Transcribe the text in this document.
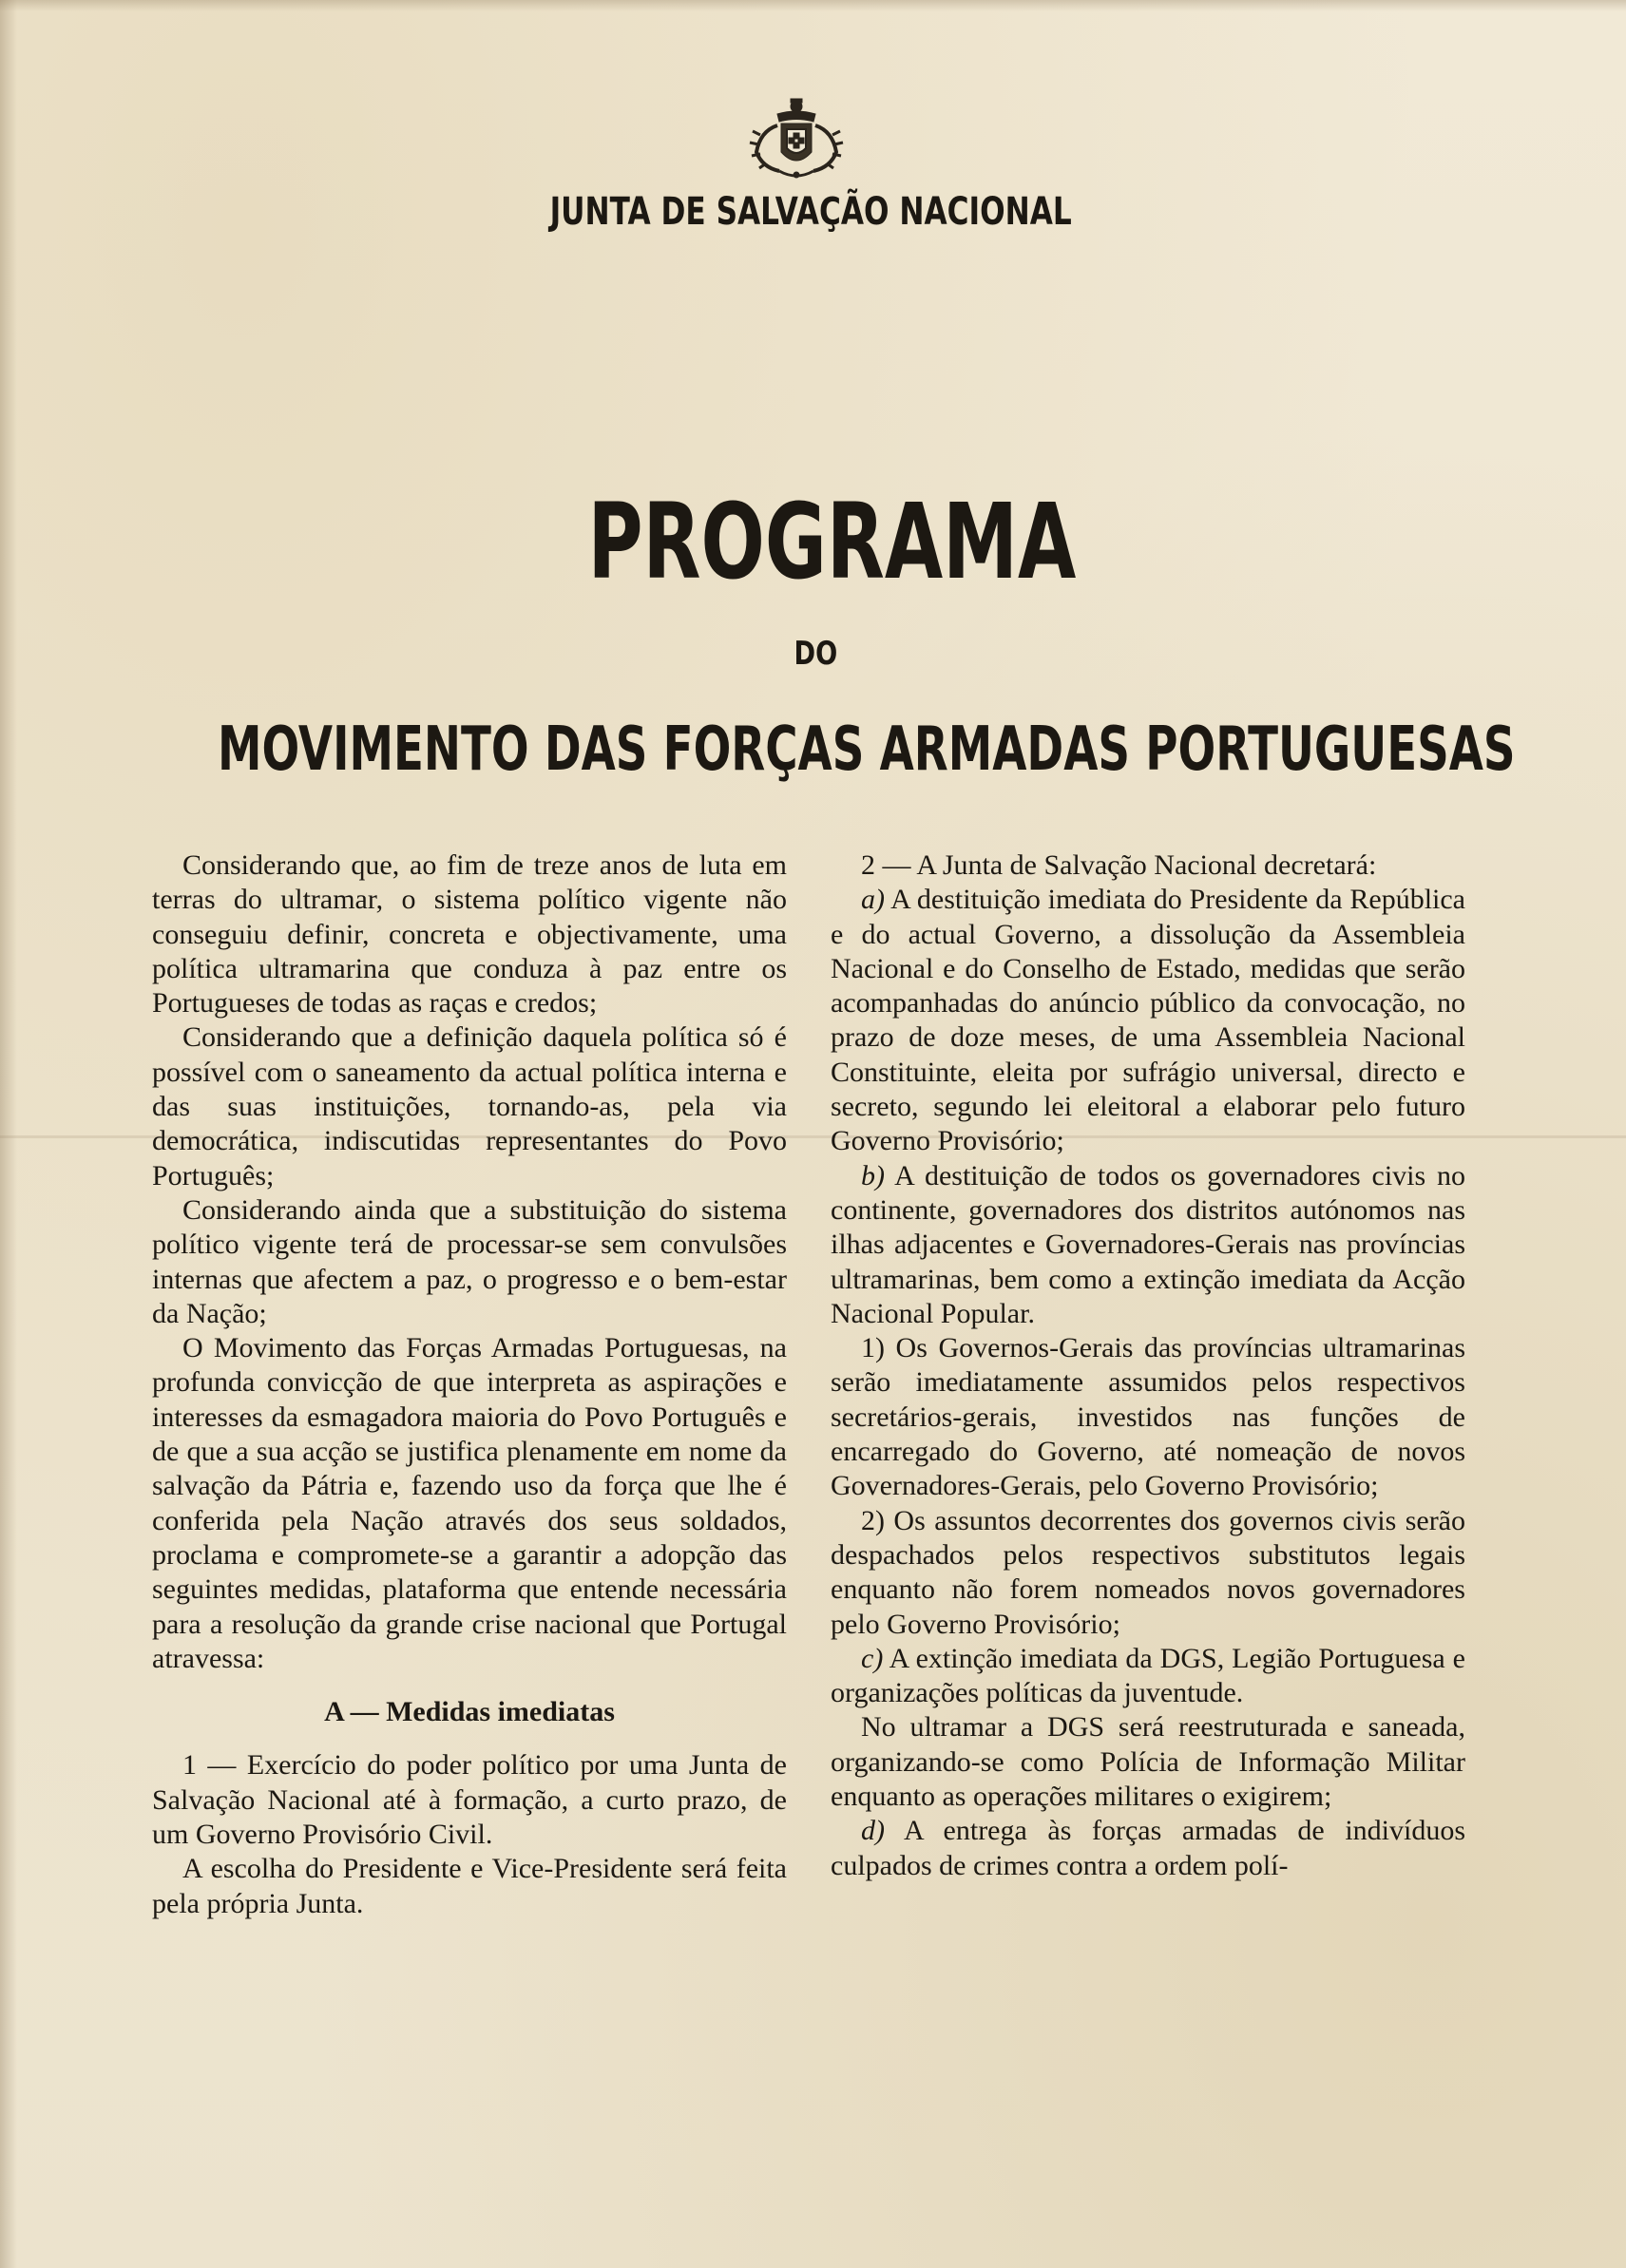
JUNTA DE SALVAÇÃO NACIONAL
PROGRAMA
DO
MOVIMENTO DAS FORÇAS ARMADAS PORTUGUESAS

Considerando que, ao fim de treze anos de luta em terras do ultramar, o sistema político vigente não conseguiu definir, concreta e objectivamente, uma política ultramarina que conduza à paz entre os Portugueses de todas as raças e credos;

Considerando que a definição daquela política só é possível com o saneamento da actual política interna e das suas instituições, tornando-as, pela via democrática, indiscutidas representantes do Povo Português;

Considerando ainda que a substituição do sistema político vigente terá de processar-se sem convulsões internas que afectem a paz, o progresso e o bem-estar da Nação;

O Movimento das Forças Armadas Portuguesas, na profunda convicção de que interpreta as aspirações e interesses da esmagadora maioria do Povo Português e de que a sua acção se justifica plenamente em nome da salvação da Pátria e, fazendo uso da força que lhe é conferida pela Nação através dos seus soldados, proclama e compromete-se a garantir a adopção das seguintes medidas, plataforma que entende necessária para a resolução da grande crise nacional que Portugal atravessa:

A — Medidas imediatas

1 — Exercício do poder político por uma Junta de Salvação Nacional até à formação, a curto prazo, de um Governo Provisório Civil.

A escolha do Presidente e Vice-Presidente será feita pela própria Junta.

2 — A Junta de Salvação Nacional decretará:

a) A destituição imediata do Presidente da República e do actual Governo, a dissolução da Assembleia Nacional e do Conselho de Estado, medidas que serão acompanhadas do anúncio público da convocação, no prazo de doze meses, de uma Assembleia Nacional Constituinte, eleita por sufrágio universal, directo e secreto, segundo lei eleitoral a elaborar pelo futuro Governo Provisório;

b) A destituição de todos os governadores civis no continente, governadores dos distritos autónomos nas ilhas adjacentes e Governadores-Gerais nas províncias ultramarinas, bem como a extinção imediata da Acção Nacional Popular.

1) Os Governos-Gerais das províncias ultramarinas serão imediatamente assumidos pelos respectivos secretários-gerais, investidos nas funções de encarregado do Governo, até nomeação de novos Governadores-Gerais, pelo Governo Provisório;

2) Os assuntos decorrentes dos governos civis serão despachados pelos respectivos substitutos legais enquanto não forem nomeados novos governadores pelo Governo Provisório;

c) A extinção imediata da DGS, Legião Portuguesa e organizações políticas da juventude.

No ultramar a DGS será reestruturada e saneada, organizando-se como Polícia de Informação Militar enquanto as operações militares o exigirem;

d) A entrega às forças armadas de indivíduos culpados de crimes contra a ordem polí-
